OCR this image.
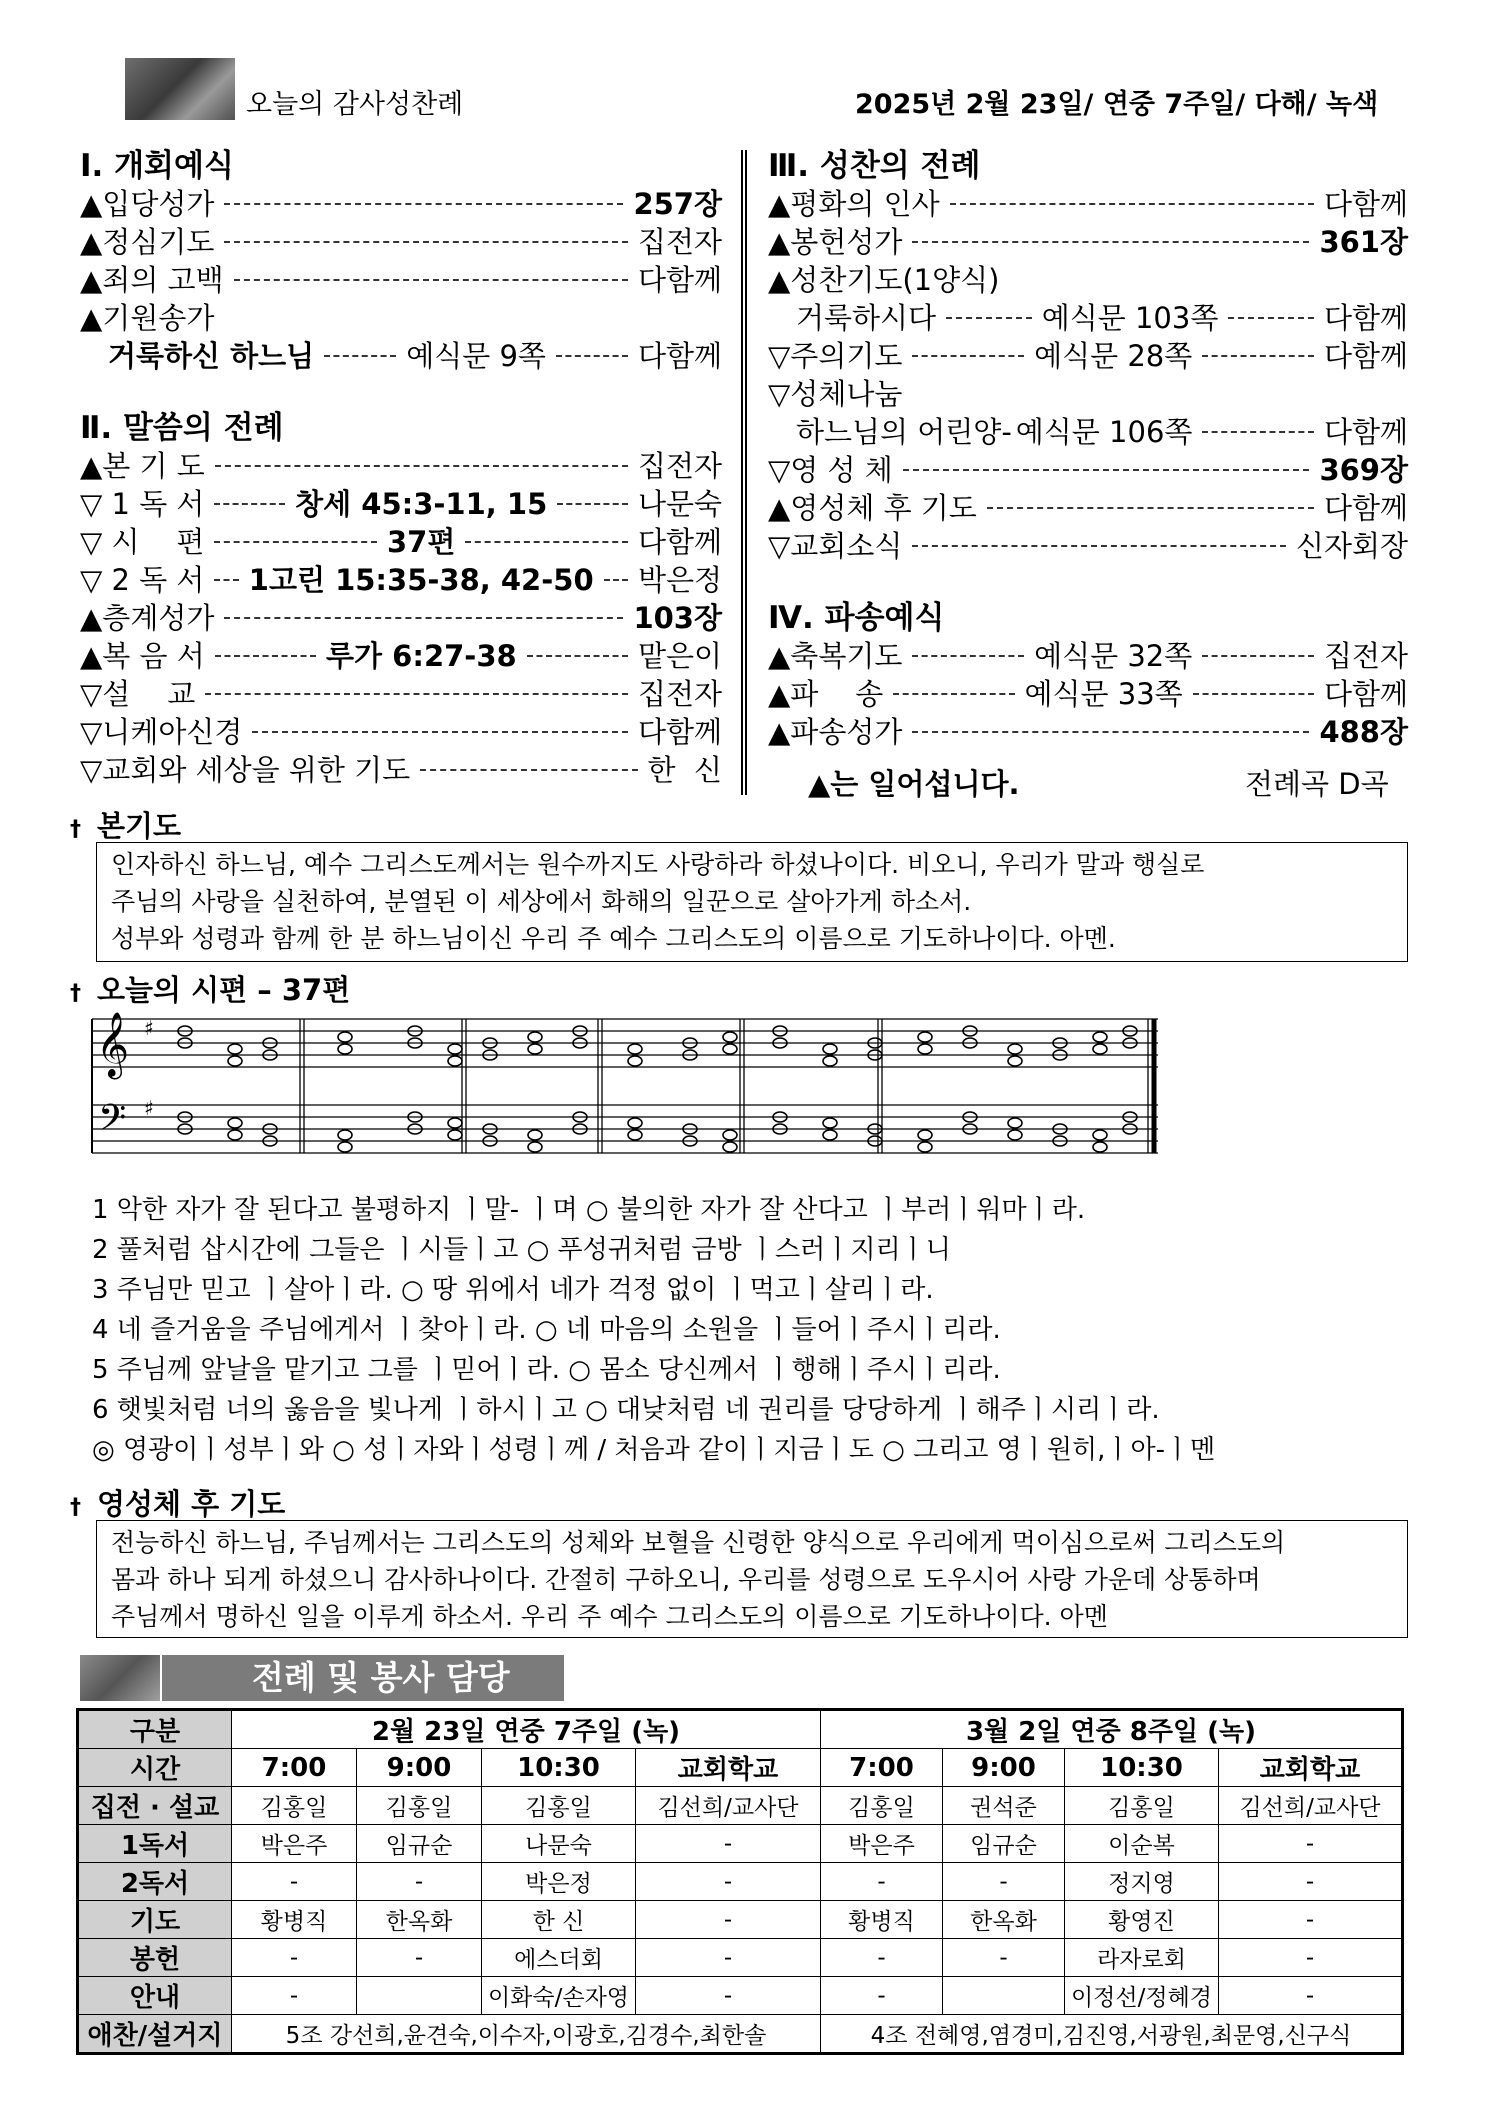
오늘의 감사성찬례	2025년 2월 23일/ 연중 7주일/ 다해/ 녹색
Ⅰ. 개회예식
▲입당성가	257장
▲정심기도	집전자
▲죄의 고백	다함께
▲기원송가
거룩하신 하느님	예식문 9쪽	다함께
Ⅱ. 말씀의 전례
▲본 기 도	집전자
▽ 1 독 서	창세 45:3-11, 15	나문숙
▽ 시    편	37편	다함께
▽ 2 독 서 1고린 15:35-38, 42-50 박은정
▲층계성가	103장
▲복 음 서	루가 6:27-38	맡은이
▽설    교	집전자
▽니케아신경	다함께
▽교회와 세상을 위한 기도	한  신
Ⅲ. 성찬의 전례
▲평화의 인사	다함께
▲봉헌성가	361장
▲성찬기도(1양식)
거룩하시다	예식문 103쪽	다함께
▽주의기도	예식문 28쪽	다함께
▽성체나눔
하느님의 어린양- 예식문 106쪽	다함께
▽영 성 체	369장
▲영성체 후 기도	다함께
▽교회소식	신자회장
Ⅳ. 파송예식
▲축복기도	예식문 32쪽	집전자
▲파    송	예식문 33쪽	다함께
▲파송성가	488장
▲는 일어섭니다.	전례곡 D곡
† 본기도
인자하신 하느님, 예수 그리스도께서는 원수까지도 사랑하라 하셨나이다. 비오니, 우리가 말과 행실로
주님의 사랑을 실천하여, 분열된 이 세상에서 화해의 일꾼으로 살아가게 하소서.
성부와 성령과 함께 한 분 하느님이신 우리 주 예수 그리스도의 이름으로 기도하나이다. 아멘.
† 오늘의 시편 – 37편
𝄞
𝄢
♯
♯
1 악한 자가 잘 된다고 불평하지 ㅣ말- ㅣ며 ○ 불의한 자가 잘 산다고 ㅣ부러ㅣ워마ㅣ라.
2 풀처럼 삽시간에 그들은 ㅣ시들ㅣ고 ○ 푸성귀처럼 금방 ㅣ스러ㅣ지리ㅣ니
3 주님만 믿고 ㅣ살아ㅣ라. ○ 땅 위에서 네가 걱정 없이 ㅣ먹고ㅣ살리ㅣ라.
4 네 즐거움을 주님에게서 ㅣ찾아ㅣ라. ○ 네 마음의 소원을 ㅣ들어ㅣ주시ㅣ리라.
5 주님께 앞날을 맡기고 그를 ㅣ믿어ㅣ라. ○ 몸소 당신께서 ㅣ행해ㅣ주시ㅣ리라.
6 햇빛처럼 너의 옳음을 빛나게 ㅣ하시ㅣ고 ○ 대낮처럼 네 권리를 당당하게 ㅣ해주ㅣ시리ㅣ라.
◎ 영광이ㅣ성부ㅣ와 ○ 성ㅣ자와ㅣ성령ㅣ께 / 처음과 같이ㅣ지금ㅣ도 ○ 그리고 영ㅣ원히,ㅣ아-ㅣ멘
† 영성체 후 기도
전능하신 하느님, 주님께서는 그리스도의 성체와 보혈을 신령한 양식으로 우리에게 먹이심으로써 그리스도의
몸과 하나 되게 하셨으니 감사하나이다. 간절히 구하오니, 우리를 성령으로 도우시어 사랑 가운데 상통하며
주님께서 명하신 일을 이루게 하소서. 우리 주 예수 그리스도의 이름으로 기도하나이다. 아멘
전례 및 봉사 담당
구분	2월 23일 연중 7주일 (녹)				3월 2일 연중 8주일 (녹)			
시간	7:00	9:00	10:30	교회학교	7:00	9:00	10:30	교회학교
집전 · 설교	김홍일	김홍일	김홍일	김선희/교사단	김홍일	권석준	김홍일	김선희/교사단
1독서	박은주	임규순	나문숙	-	박은주	임규순	이순복	-
2독서	-	-	박은정	-	-	-	정지영	-
기도	황병직	한옥화	한 신	-	황병직	한옥화	황영진	-
봉헌	-	-	에스더회	-	-	-	라자로회	-
안내	-		이화숙/손자영	-	-		이정선/정혜경	-
애찬/설거지	5조 강선희,윤견숙,이수자,이광호,김경수,최한솔				4조 전혜영,염경미,김진영,서광원,최문영,신구식			
